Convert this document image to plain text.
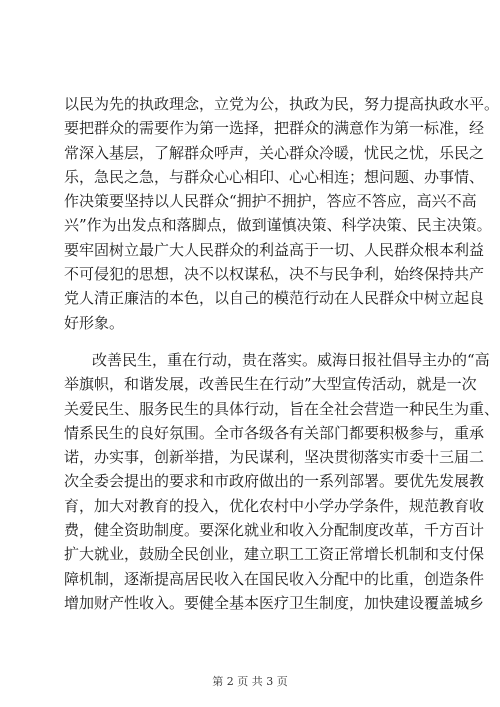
以民为先的执政理念，立党为公，执政为民，努力提高执政水平。
要把群众的需要作为第一选择，把群众的满意作为第一标准，经
常深入基层，了解群众呼声，关心群众冷暖，忧民之忧，乐民之
乐，急民之急，与群众心心相印、心心相连；想问题、办事情、
作决策要坚持以人民群众“拥护不拥护，答应不答应，高兴不高
兴”作为出发点和落脚点，做到谨慎决策、科学决策、民主决策。
要牢固树立最广大人民群众的利益高于一切、人民群众根本利益
不可侵犯的思想，决不以权谋私，决不与民争利，始终保持共产
党人清正廉洁的本色，以自己的模范行动在人民群众中树立起良
好形象。
改善民生，重在行动，贵在落实。威海日报社倡导主办的“高
举旗帜，和谐发展，改善民生在行动”大型宣传活动，就是一次
关爱民生、服务民生的具体行动，旨在全社会营造一种民生为重、
情系民生的良好氛围。全市各级各有关部门都要积极参与，重承
诺，办实事，创新举措，为民谋利，坚决贯彻落实市委十三届二
次全委会提出的要求和市政府做出的一系列部署。要优先发展教
育，加大对教育的投入，优化农村中小学办学条件，规范教育收
费，健全资助制度。要深化就业和收入分配制度改革，千方百计
扩大就业，鼓励全民创业，建立职工工资正常增长机制和支付保
障机制，逐渐提高居民收入在国民收入分配中的比重，创造条件
增加财产性收入。要健全基本医疗卫生制度，加快建设覆盖城乡
第 2 页 共 3 页
